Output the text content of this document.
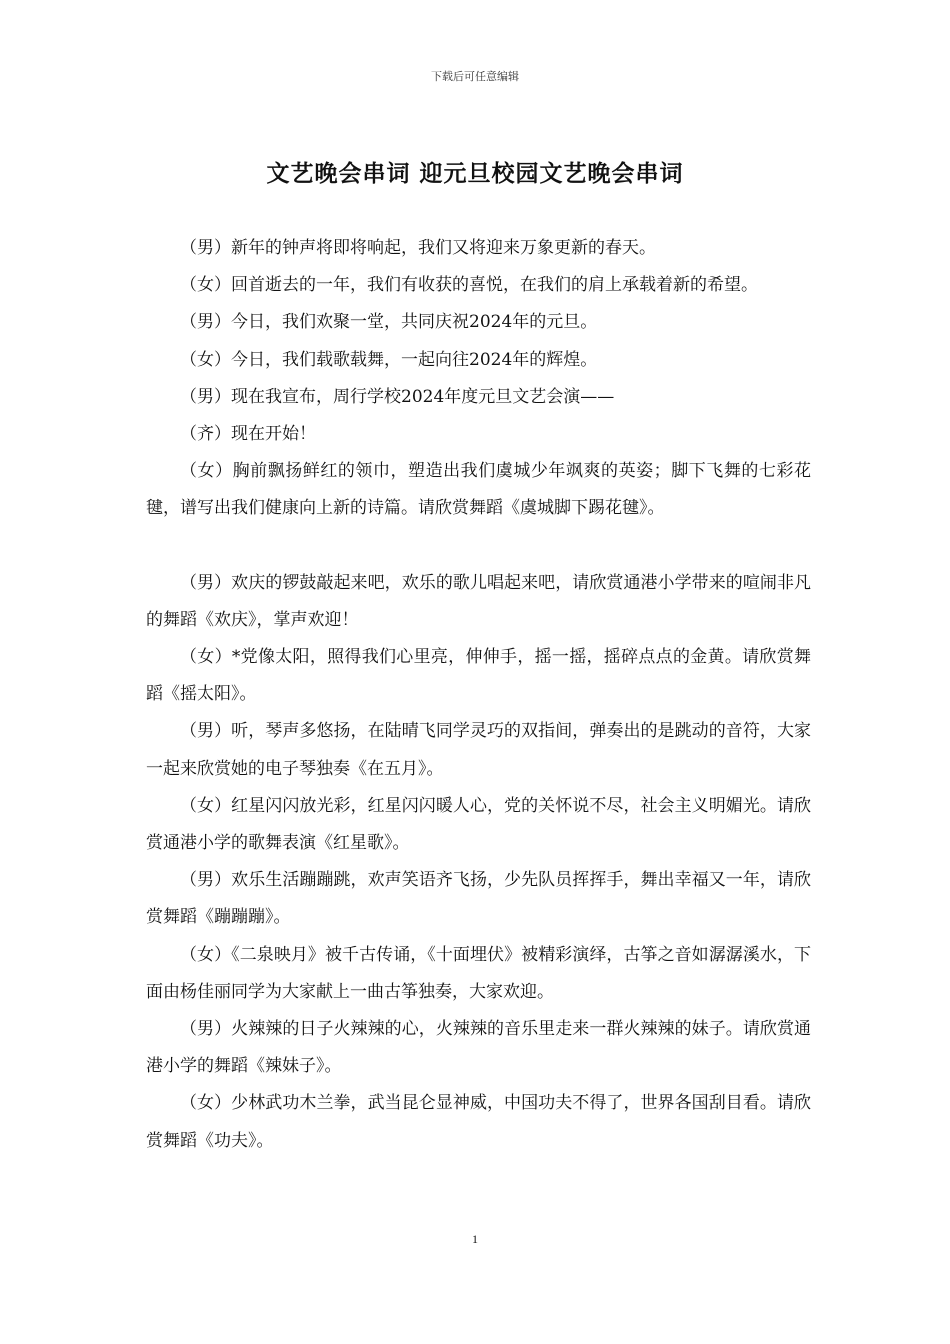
下载后可任意编辑
文艺晚会串词 迎元旦校园文艺晚会串词

（男）新年的钟声将即将响起，我们又将迎来万象更新的春天。

（女）回首逝去的一年，我们有收获的喜悦，在我们的肩上承载着新的希望。

（男）今日，我们欢聚一堂，共同庆祝2024年的元旦。

（女）今日，我们载歌载舞，一起向往2024年的辉煌。

（男）现在我宣布，周行学校2024年度元旦文艺会演——

（齐）现在开始！

（女）胸前飘扬鲜红的领巾，塑造出我们虞城少年飒爽的英姿；脚下飞舞的七彩花毽，谱写出我们健康向上新的诗篇。请欣赏舞蹈《虞城脚下踢花毽》。

（男）欢庆的锣鼓敲起来吧，欢乐的歌儿唱起来吧，请欣赏通港小学带来的喧闹非凡的舞蹈《欢庆》，掌声欢迎！

（女）*党像太阳，照得我们心里亮，伸伸手，摇一摇，摇碎点点的金黄。请欣赏舞蹈《摇太阳》。

（男）听，琴声多悠扬，在陆晴飞同学灵巧的双指间，弹奏出的是跳动的音符，大家一起来欣赏她的电子琴独奏《在五月》。

（女）红星闪闪放光彩，红星闪闪暖人心，党的关怀说不尽，社会主义明媚光。请欣赏通港小学的歌舞表演《红星歌》。

（男）欢乐生活蹦蹦跳，欢声笑语齐飞扬，少先队员挥挥手，舞出幸福又一年，请欣赏舞蹈《蹦蹦蹦》。

（女）《二泉映月》被千古传诵，《十面埋伏》被精彩演绎，古筝之音如潺潺溪水，下面由杨佳丽同学为大家献上一曲古筝独奏，大家欢迎。

（男）火辣辣的日子火辣辣的心，火辣辣的音乐里走来一群火辣辣的妹子。请欣赏通港小学的舞蹈《辣妹子》。

（女）少林武功木兰拳，武当昆仑显神威，中国功夫不得了，世界各国刮目看。请欣赏舞蹈《功夫》。

1
